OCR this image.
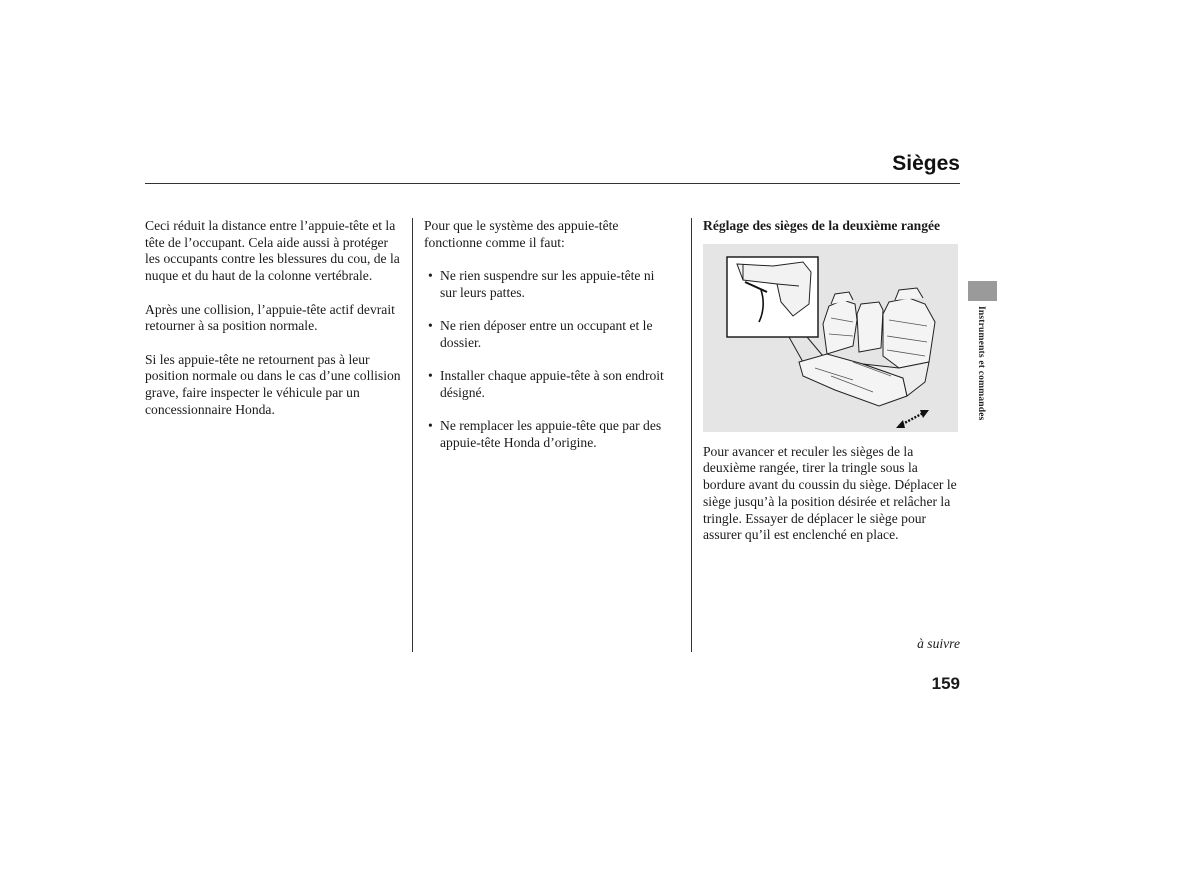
Sièges

Ceci réduit la distance entre l’appuie-tête et la tête de l’occupant. Cela aide aussi à protéger les occupants contre les blessures du cou, de la nuque et du haut de la colonne vertébrale.

Après une collision, l’appuie-tête actif devrait retourner à sa position normale.

Si les appuie-tête ne retournent pas à leur position normale ou dans le cas d’une collision grave, faire inspecter le véhicule par un concessionnaire Honda.

Pour que le système des appuie-tête fonctionne comme il faut:

• Ne rien suspendre sur les appuie-tête ni sur leurs pattes.
• Ne rien déposer entre un occupant et le dossier.
• Installer chaque appuie-tête à son endroit désigné.
• Ne remplacer les appuie-tête que par des appuie-tête Honda d’origine.

Réglage des sièges de la deuxième rangée

Pour avancer et reculer les sièges de la deuxième rangée, tirer la tringle sous la bordure avant du coussin du siège. Déplacer le siège jusqu’à la position désirée et relâcher la tringle. Essayer de déplacer le siège pour assurer qu’il est enclenché en place.

à suivre
159
Instruments et commandes
